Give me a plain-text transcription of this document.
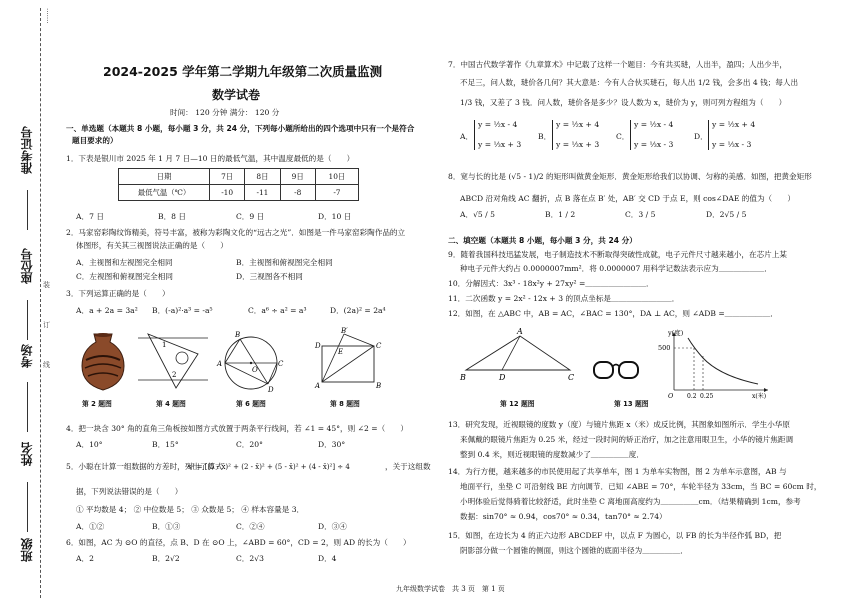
·······
准考证号
座位号
考场
姓名
班级
装
订
线
2024-2025 学年第二学期九年级第二次质量监测
数学试卷
时间： 120 分钟 满分： 120 分
一、单选题（本题共 8 小题，每小题 3 分，共 24 分，下列每小题所给出的四个选项中只有一个是符合
题目要求的）
1．下表是银川市 2025 年 1 月 7 日—10 日的最低气温，其中温度最低的是（　　）
日期	7日	8日	9日	10日
最低气温（℃）	-10	-11	-8	-7
A．7 日	B．8 日	C．9 日	D．10 日
2．马家窑彩陶纹饰精美，符号丰富，被称为彩陶文化的“远古之光”．如图是一件马家窑彩陶作品的立
体图形，有关其三视图说法正确的是（　　）
A．主视图和左视图完全相同	B．主视图和俯视图完全相同
C．左视图和俯视图完全相同	D．三视图各不相同
3．下列运算正确的是（　　）
A．a + 2a = 3a² B．(-a)²·a³ = -a⁵	C．a⁶ ÷ a² = a³	D．(2a)² = 2a⁴
1
2
B
O
A	C
D
B′
D
E
C
A	B
第 2 题图	第 4 题图	第 6 题图	第 8 题图
4．把一块含 30° 角的直角三角板按如图方式放置于两条平行线间，若 ∠1 = 45°，则 ∠2 =（　　）
A．10°	B．15°	C．20°	D．30°
5．小聪在计算一组数据的方差时，列出了算式：
s² = [(5 - x̄)² + (2 - x̄)² + (5 - x̄)² + (4 - x̄)²] ÷ 4	，关于这组数
据，下列说法错误的是（　　）
① 平均数是 4； ② 中位数是 5； ③ 众数是 5； ④ 样本容量是 3．
A．①②	B．①③	C．②④	D．③④
6．如图，AC 为 ⊙O 的直径，点 B、D 在 ⊙O 上，∠ABD = 60°，CD = 2，则 AD 的长为（　　）
A．2	B．2√2	C．2√3	D．4
7．中国古代数学著作《九章算术》中记载了这样一个题目：今有共买琎，人出半，盈四；人出少半，
不足三，问人数，琎价各几何？其大意是：今有人合伙买琎石，每人出 1/2 钱，会多出 4 钱；每人出
1/3 钱，又差了 3 钱．问人数，琎价各是多少？设人数为 x，琎价为 y，则可列方程组为（　　）
A．
y = ½x - 4
y = ⅓x + 3
B．
y = ½x + 4
y = ⅓x + 3
C．
y = ½x - 4
y = ⅓x - 3
D．
y = ½x + 4
y = ⅓x - 3
8．宽与长的比是 (√5 - 1)/2 的矩形叫做黄金矩形．黄金矩形给我们以协调、匀称的美感．如图，把黄金矩形
ABCD 沿对角线 AC 翻折，点 B 落在点 B′ 处，AB′ 交 CD 于点 E，则 cos∠DAE 的值为（　　）
A．√5 / 5	B．1 / 2	C．3 / 5	D．2√5 / 5
二、填空题（本题共 8 小题，每小题 3 分，共 24 分）
9．随着我国科技迅猛发展，电子制造技术不断取得突破性成就，电子元件尺寸越来越小，在芯片上某
种电子元件大约占 0.0000007mm²．将 0.0000007 用科学记数法表示应为＿＿＿＿＿＿．
10．分解因式：3x³ - 18x²y + 27xy² =＿＿＿＿＿＿＿＿．
11．二次函数 y = 2x² - 12x + 3 的顶点坐标是＿＿＿＿＿＿＿＿．
12．如图，在 △ABC 中，AB = AC，∠BAC = 130°，DA ⊥ AC，则 ∠ADB =＿＿＿＿＿＿．
A
B	D	C
y(度)
500
O 0.2 0.25	x(米)
第 12 题图	第 13 题图
13．研究发现，近视眼镜的度数 y（度）与镜片焦距 x（米）成反比例，其图象如图所示．学生小华原
来佩戴的眼镜片焦距为 0.25 米，经过一段时间的矫正治疗，加之注意用眼卫生，小华的镜片焦距调
整到 0.4 米，则近视眼镜的度数减少了＿＿＿＿＿度．
14．为行方便，越来越多的市民使用起了共享单车，图 1 为单车实物图，图 2 为单车示意图，AB 与
地面平行，坐垫 C 可沿射线 BE 方向调节．已知 ∠ABE = 70°，车轮半径为 33cm，当 BC = 60cm 时，
小明体验后觉得骑着比较舒适，此时坐垫 C 离地面高度约为＿＿＿＿＿cm．（结果精确到 1cm，参考
数据：sin70° ≈ 0.94，cos70° ≈ 0.34，tan70° ≈ 2.74）
15．如图，在边长为 4 的正六边形 ABCDEF 中，以点 F 为圆心，以 FB 的长为半径作弧 BD，把
阴影部分做一个圆锥的侧面，则这个圆锥的底面半径为＿＿＿＿＿．
九年级数学试卷　共 3 页　第 1 页
